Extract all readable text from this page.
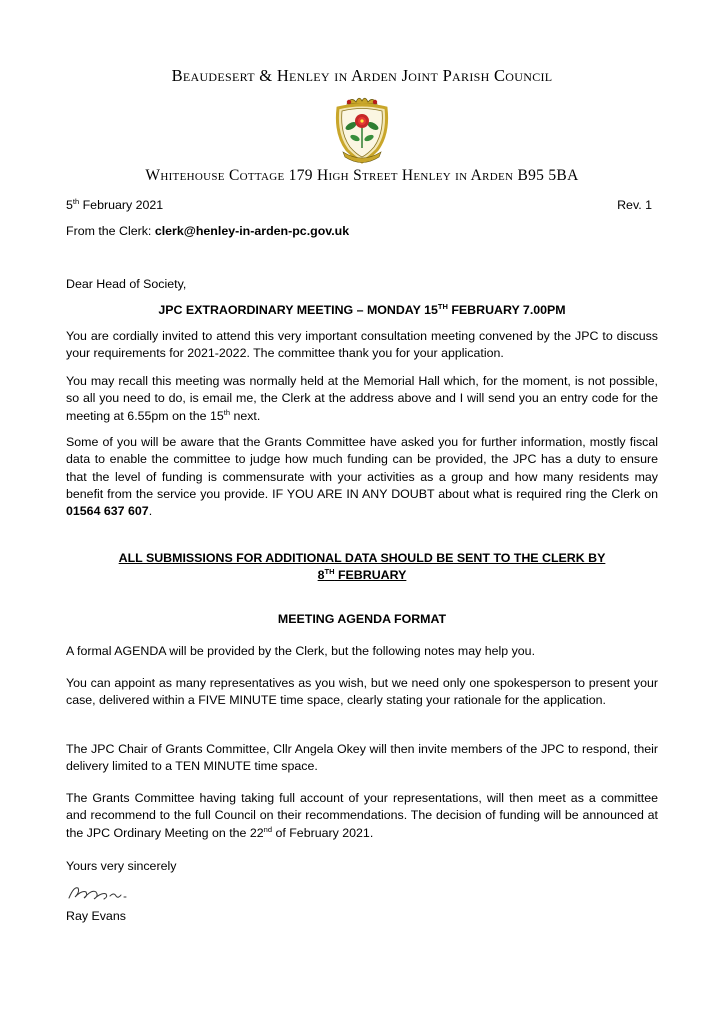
Beaudesert & Henley in Arden Joint Parish Council
Whitehouse Cottage 179 High Street Henley in Arden B95 5BA
5th February 2021	Rev. 1
From the Clerk: clerk@henley-in-arden-pc.gov.uk
Dear Head of Society,
JPC EXTRAORDINARY MEETING – MONDAY 15TH FEBRUARY 7.00PM

You are cordially invited to attend this very important consultation meeting convened by the JPC to discuss your requirements for 2021-2022. The committee thank you for your application.

You may recall this meeting was normally held at the Memorial Hall which, for the moment, is not possible, so all you need to do, is email me, the Clerk at the address above and I will send you an entry code for the meeting at 6.55pm on the 15th next.

Some of you will be aware that the Grants Committee have asked you for further information, mostly fiscal data to enable the committee to judge how much funding can be provided, the JPC has a duty to ensure that the level of funding is commensurate with your activities as a group and how many residents may benefit from the service you provide. IF YOU ARE IN ANY DOUBT about what is required ring the Clerk on 01564 637 607.

ALL SUBMISSIONS FOR ADDITIONAL DATA SHOULD BE SENT TO THE CLERK BY
8TH FEBRUARY
MEETING AGENDA FORMAT

A formal AGENDA will be provided by the Clerk, but the following notes may help you.

You can appoint as many representatives as you wish, but we need only one spokesperson to present your case, delivered within a FIVE MINUTE time space, clearly stating your rationale for the application.

The JPC Chair of Grants Committee, Cllr Angela Okey will then invite members of the JPC to respond, their delivery limited to a TEN MINUTE time space.

The Grants Committee having taking full account of your representations, will then meet as a committee and recommend to the full Council on their recommendations. The decision of funding will be announced at the JPC Ordinary Meeting on the 22nd of February 2021.

Yours very sincerely
Ray Evans
